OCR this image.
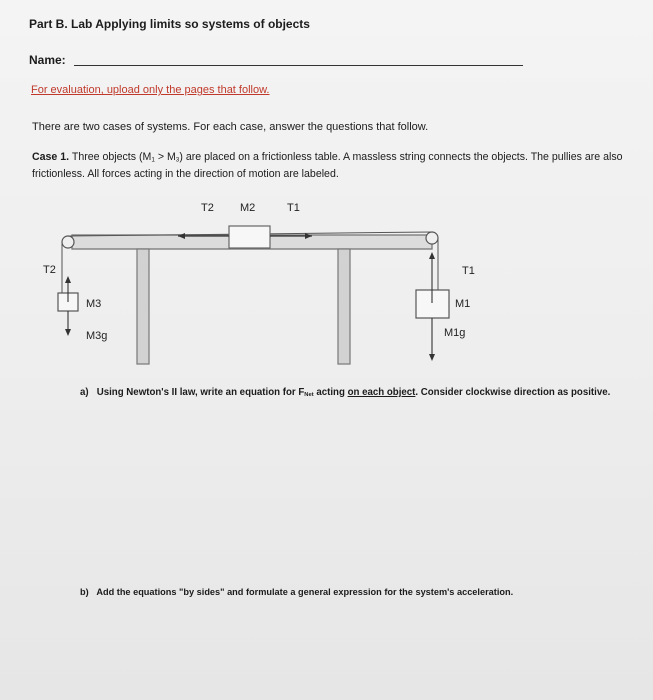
Part B. Lab Applying limits so systems of objects
Name:
For evaluation, upload only the pages that follow.
There are two cases of systems. For each case, answer the questions that follow.
Case 1. Three objects (M1 > M3) are placed on a frictionless table. A massless string connects the objects. The pullies are also frictionless. All forces acting in the direction of motion are labeled.
T2 M2	T1
T2
M3
M3g
T1
M1
M1g
a) Using Newton's II law, write an equation for FNet acting on each object. Consider clockwise direction as positive.
b) Add the equations "by sides" and formulate a general expression for the system's acceleration.
